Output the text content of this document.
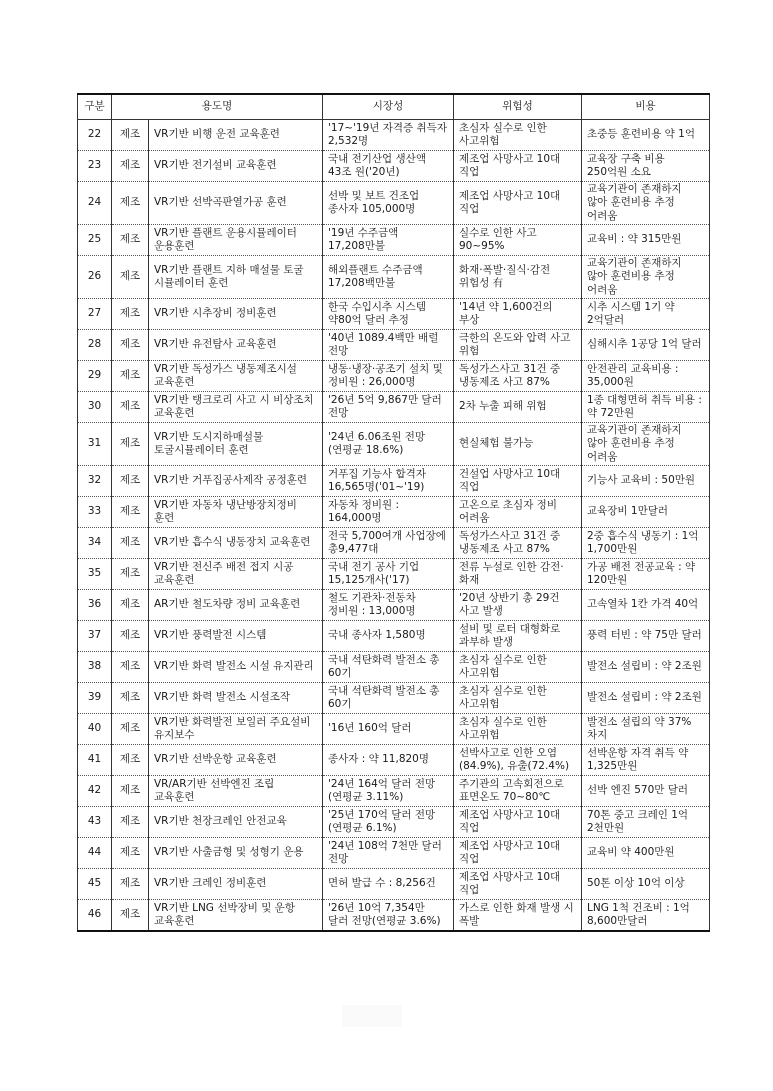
구분	용도명		시장성	위험성	비용
22	제조	VR기반 비행 운전 교육훈련	'17~'19년 자격증 취득자 2,532명	초심자 실수로 인한 사고위험	초중등 훈련비용 약 1억
23	제조	VR기반 전기설비 교육훈련	국내 전기산업 생산액 43조 원('20년)	제조업 사망사고 10대 직업	교육장 구축 비용 250억원 소요
24	제조	VR기반 선박곡판열가공 훈련	선박 및 보트 건조업 종사자 105,000명	제조업 사망사고 10대 직업	교육기관이 존재하지 않아 훈련비용 추정 어려움
25	제조	VR기반 플랜트 운용시뮬레이터 운용훈련	'19년 수주금액 17,208만불	실수로 인한 사고 90~95%	교육비 : 약 315만원
26	제조	VR기반 플랜트 지하 매설물 토굴 시뮬레이터 훈련	해외플랜트 수주금액 17,208백만불	화재·폭발·질식·감전 위험성 有	교육기관이 존재하지 않아 훈련비용 추정 어려움
27	제조	VR기반 시추장비 정비훈련	한국 수입시추 시스템 약80억 달러 추정	'14년 약 1,600건의 부상	시추 시스템 1기 약 2억달러
28	제조	VR기반 유전탐사 교육훈련	'40년 1089.4백만 배럴 전망	극한의 온도와 압력 사고 위험	심해시추 1공당 1억 달러
29	제조	VR기반 독성가스 냉동제조시설 교육훈련	냉동·냉장·공조기 설치 및 정비원 : 26,000명	독성가스사고 31건 중 냉동제조 사고 87%	안전관리 교육비용 : 35,000원
30	제조	VR기반 탱크로리 사고 시 비상조치 교육훈련	'26년 5억 9,867만 달러 전망	2차 누출 피해 위험	1종 대형면허 취득 비용 : 약 72만원
31	제조	VR기반 도시지하매설물 토굴시뮬레이터 훈련	'24년 6.06조원 전망 (연평균 18.6%)	현실체험 불가능	교육기관이 존재하지 않아 훈련비용 추정 어려움
32	제조	VR기반 거푸집공사제작 공정훈련	거푸집 기능사 합격자 16,565명('01~'19)	건설업 사망사고 10대 직업	기능사 교육비 : 50만원
33	제조	VR기반 자동차 냉난방장치정비 훈련	자동차 정비원 : 164,000명	고온으로 초심자 정비 어려움	교육장비 1만달러
34	제조	VR기반 흡수식 냉동장치 교육훈련	전국 5,700여개 사업장에 총9,477대	독성가스사고 31건 중 냉동제조 사고 87%	2중 흡수식 냉동기 : 1억 1,700만원
35	제조	VR기반 전신주 배전 접지 시공 교육훈련	국내 전기 공사 기업 15,125개사('17)	전류 누설로 인한 감전·화재	가공 배전 전공교육 : 약 120만원
36	제조	AR기반 철도차량 정비 교육훈련	철도 기관차·전동차 정비원 : 13,000명	'20년 상반기 총 29건 사고 발생	고속열차 1칸 가격 40억
37	제조	VR기반 풍력발전 시스템	국내 종사자 1,580명	설비 및 로터 대형화로 과부하 발생	풍력 터빈 : 약 75만 달러
38	제조	VR기반 화력 발전소 시설 유지관리	국내 석탄화력 발전소 총 60기	초심자 실수로 인한 사고위험	발전소 설립비 : 약 2조원
39	제조	VR기반 화력 발전소 시설조작	국내 석탄화력 발전소 총 60기	초심자 실수로 인한 사고위험	발전소 설립비 : 약 2조원
40	제조	VR기반 화력발전 보일러 주요설비 유지보수	'16년 160억 달러	초심자 실수로 인한 사고위험	발전소 설립의 약 37% 차지
41	제조	VR기반 선박운항 교육훈련	종사자 : 약 11,820명	선박사고로 인한 오염 (84.9%), 유출(72.4%)	선박운항 자격 취득 약 1,325만원
42	제조	VR/AR기반 선박엔진 조립 교육훈련	'24년 164억 달러 전망(연평균 3.11%)	주기관의 고속회전으로 표면온도 70~80℃	선박 엔진 570만 달러
43	제조	VR기반 천장크레인 안전교육	'25년 170억 달러 전망(연평균 6.1%)	제조업 사망사고 10대 직업	70톤 중고 크레인 1억 2천만원
44	제조	VR기반 사출금형 및 성형기 운용	'24년 108억 7천만 달러 전망	제조업 사망사고 10대 직업	교육비 약 400만원
45	제조	VR기반 크레인 정비훈련	면허 발급 수 : 8,256건	제조업 사망사고 10대 직업	50톤 이상 10억 이상
46	제조	VR기반 LNG 선박장비 및 운항 교육훈련	'26년 10억 7,354만 달러 전망(연평균 3.6%)	가스로 인한 화재 발생 시 폭발	LNG 1척 건조비 : 1억 8,600만달러
